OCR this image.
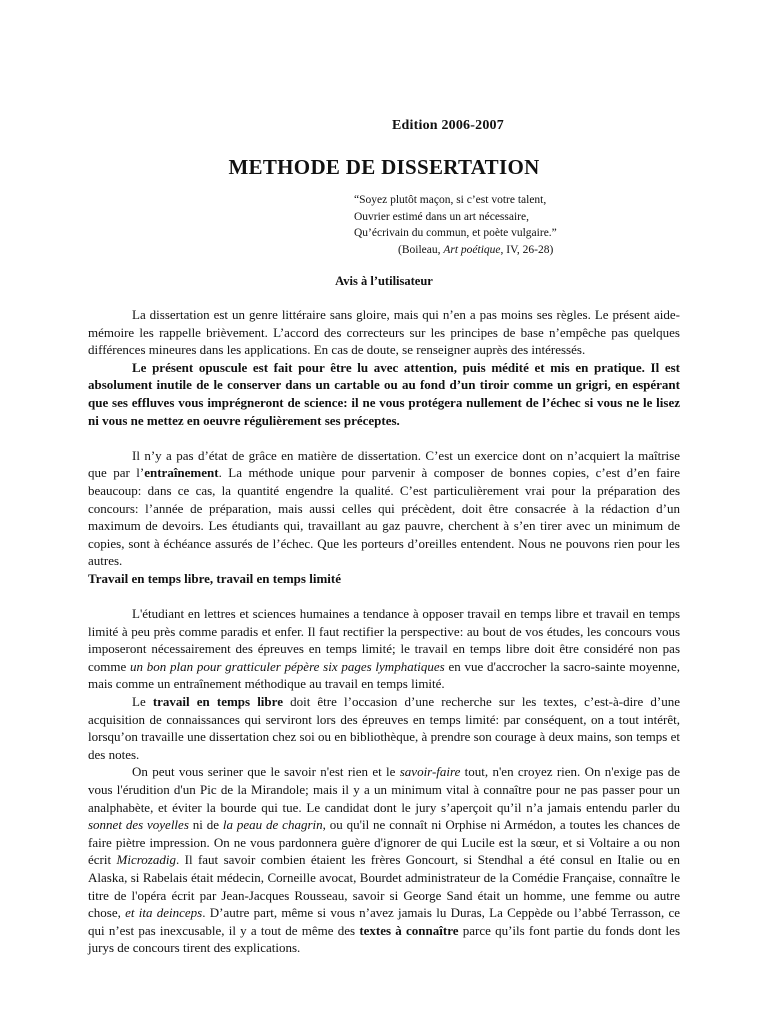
Edition 2006-2007
METHODE DE DISSERTATION
“Soyez plutôt maçon, si c’est votre talent,
Ouvrier estimé dans un art nécessaire,
Qu’écrivain du commun, et poète vulgaire.”
(Boileau, Art poétique, IV, 26-28)
Avis à l’utilisateur

La dissertation est un genre littéraire sans gloire, mais qui n’en a pas moins ses règles. Le présent aide-mémoire les rappelle brièvement. L’accord des correcteurs sur les principes de base n’empêche pas quelques différences mineures dans les applications. En cas de doute, se renseigner auprès des intéressés.

Le présent opuscule est fait pour être lu avec attention, puis médité et mis en pratique. Il est absolument inutile de le conserver dans un cartable ou au fond d’un tiroir comme un grigri, en espérant que ses effluves vous imprégneront de science: il ne vous protégera nullement de l’échec si vous ne le lisez ni vous ne mettez en oeuvre régulièrement ses préceptes.

Il n’y a pas d’état de grâce en matière de dissertation. C’est un exercice dont on n’acquiert la maîtrise que par l’entraînement. La méthode unique pour parvenir à composer de bonnes copies, c’est d’en faire beaucoup: dans ce cas, la quantité engendre la qualité. C’est particulièrement vrai pour la préparation des concours: l’année de préparation, mais aussi celles qui précèdent, doit être consacrée à la rédaction d’un maximum de devoirs. Les étudiants qui, travaillant au gaz pauvre, cherchent à s’en tirer avec un minimum de copies, sont à échéance assurés de l’échec. Que les porteurs d’oreilles entendent. Nous ne pouvons rien pour les autres.

Travail en temps libre, travail en temps limité

L'étudiant en lettres et sciences humaines a tendance à opposer travail en temps libre et travail en temps limité à peu près comme paradis et enfer. Il faut rectifier la perspective: au bout de vos études, les concours vous imposeront nécessairement des épreuves en temps limité; le travail en temps libre doit être considéré non pas comme un bon plan pour gratticuler pépère six pages lymphatiques en vue d'accrocher la sacro-sainte moyenne, mais comme un entraînement méthodique au travail en temps limité.

Le travail en temps libre doit être l’occasion d’une recherche sur les textes, c’est-à-dire d’une acquisition de connaissances qui serviront lors des épreuves en temps limité: par conséquent, on a tout intérêt, lorsqu’on travaille une dissertation chez soi ou en bibliothèque, à prendre son courage à deux mains, son temps et des notes.

On peut vous seriner que le savoir n'est rien et le savoir-faire tout, n'en croyez rien. On n'exige pas de vous l'érudition d'un Pic de la Mirandole; mais il y a un minimum vital à connaître pour ne pas passer pour un analphabète, et éviter la bourde qui tue. Le candidat dont le jury s’aperçoit qu’il n’a jamais entendu parler du sonnet des voyelles ni de la peau de chagrin, ou qu'il ne connaît ni Orphise ni Armédon, a toutes les chances de faire piètre impression. On ne vous pardonnera guère d'ignorer de qui Lucile est la sœur, et si Voltaire a ou non écrit Microzadig. Il faut savoir combien étaient les frères Goncourt, si Stendhal a été consul en Italie ou en Alaska, si Rabelais était médecin, Corneille avocat, Bourdet administrateur de la Comédie Française, connaître le titre de l'opéra écrit par Jean-Jacques Rousseau, savoir si George Sand était un homme, une femme ou autre chose, et ita deinceps. D’autre part, même si vous n’avez jamais lu Duras, La Ceppède ou l’abbé Terrasson, ce qui n’est pas inexcusable, il y a tout de même des textes à connaître parce qu’ils font partie du fonds dont les jurys de concours tirent des explications.
